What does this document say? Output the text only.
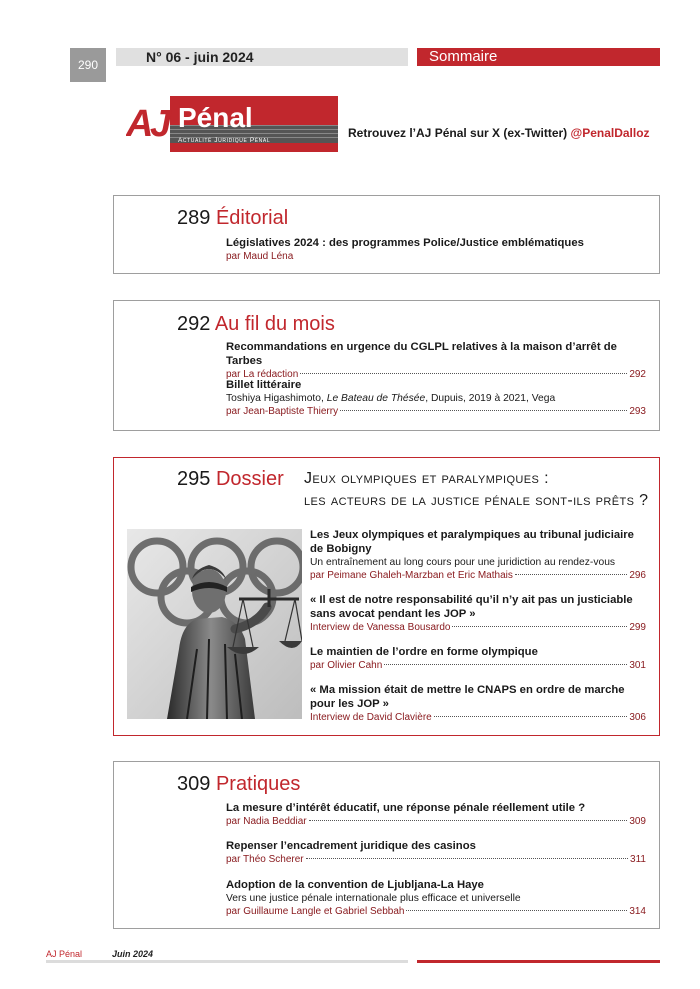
290	N° 06 - juin 2024	Sommaire
A
J Pénal
Actualité Juridique Pénal
Retrouvez l’AJ Pénal sur X (ex-Twitter) @PenalDalloz
289 Éditorial
Législatives 2024 : des programmes Police/Justice emblématiques
par Maud Léna
292 Au fil du mois
Recommandations en urgence du CGLPL relatives à la maison d’arrêt de Tarbes
par La rédaction	292
Billet littéraire
Toshiya Higashimoto, Le Bateau de Thésée, Dupuis, 2019 à 2021, Vega
par Jean-Baptiste Thierry	293
295 Dossier Jeux olympiques et paralympiques :
les acteurs de la justice pénale sont-ils prêts ?
Les Jeux olympiques et paralympiques au tribunal judiciaire
de Bobigny
Un entraînement au long cours pour une juridiction au rendez-vous
par Peimane Ghaleh-Marzban et Eric Mathais	296
« Il est de notre responsabilité qu’il n’y ait pas un justiciable
sans avocat pendant les JOP »
Interview de Vanessa Bousardo	299
Le maintien de l’ordre en forme olympique
par Olivier Cahn	301
« Ma mission était de mettre le CNAPS en ordre de marche
pour les JOP »
Interview de David Clavière	306
309 Pratiques
La mesure d’intérêt éducatif, une réponse pénale réellement utile ?
par Nadia Beddiar	309
Repenser l’encadrement juridique des casinos
par Théo Scherer	311
Adoption de la convention de Ljubljana-La Haye
Vers une justice pénale internationale plus efficace et universelle
par Guillaume Langle et Gabriel Sebbah	314
AJ Pénal	Juin 2024
